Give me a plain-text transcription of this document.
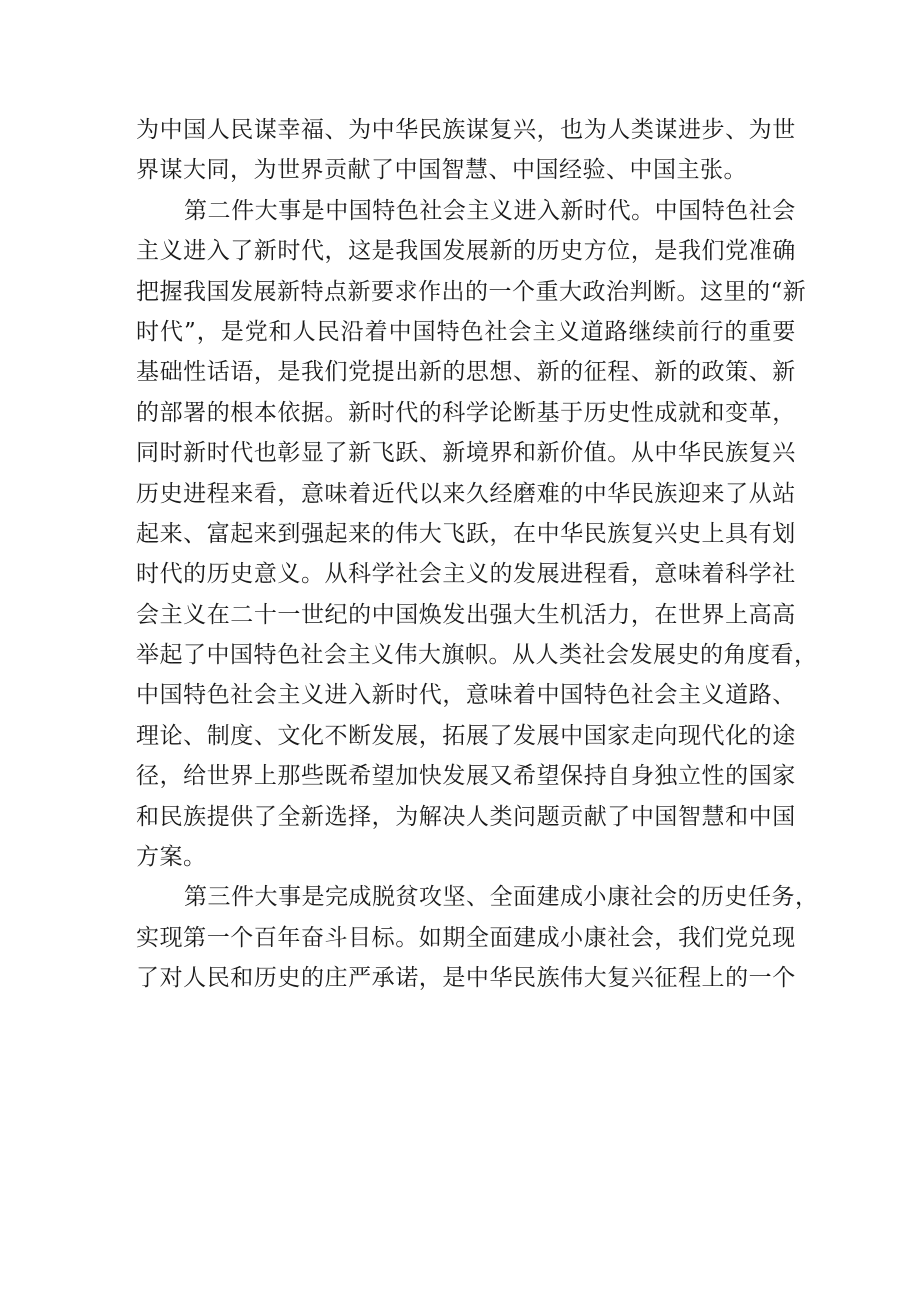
为 中 国 人 民 谋 幸 福 、 为 中 华 民 族 谋 复 兴 ， 也 为 人 类 谋 进 步 、 为 世
界谋大同，为世界贡献了中国智慧、中国经验、中国主张。
第 二 件 大 事 是 中 国 特 色 社 会 主 义 进 入 新 时 代 。 中 国 特 色 社 会
主 义 进 入 了 新 时 代 ， 这 是 我 国 发 展 新 的 历 史 方 位 ， 是 我 们 党 准 确
把 握 我 国 发 展 新 特 点 新 要 求 作 出 的 一 个 重 大 政 治 判 断 。 这 里 的 “ 新
时 代 ” ， 是 党 和 人 民 沿 着 中 国 特 色 社 会 主 义 道 路 继 续 前 行 的 重 要
基 础 性 话 语 ， 是 我 们 党 提 出 新 的 思 想 、 新 的 征 程 、 新 的 政 策 、 新
的 部 署 的 根 本 依 据 。 新 时 代 的 科 学 论 断 基 于 历 史 性 成 就 和 变 革 ，
同 时 新 时 代 也 彰 显 了 新 飞 跃 、 新 境 界 和 新 价 值 。 从 中 华 民 族 复 兴
历 史 进 程 来 看 ， 意 味 着 近 代 以 来 久 经 磨 难 的 中 华 民 族 迎 来 了 从 站
起 来 、 富 起 来 到 强 起 来 的 伟 大 飞 跃 ， 在 中 华 民 族 复 兴 史 上 具 有 划
时 代 的 历 史 意 义 。 从 科 学 社 会 主 义 的 发 展 进 程 看 ， 意 味 着 科 学 社
会 主 义 在 二 十 一 世 纪 的 中 国 焕 发 出 强 大 生 机 活 力 ， 在 世 界 上 高 高
举 起 了 中 国 特 色 社 会 主 义 伟 大 旗 帜 。 从 人 类 社 会 发 展 史 的 角 度 看 ，
中 国 特 色 社 会 主 义 进 入 新 时 代 ， 意 味 着 中 国 特 色 社 会 主 义 道 路 、
理 论 、 制 度 、 文 化 不 断 发 展 ， 拓 展 了 发 展 中 国 家 走 向 现 代 化 的 途
径 ， 给 世 界 上 那 些 既 希 望 加 快 发 展 又 希 望 保 持 自 身 独 立 性 的 国 家
和 民 族 提 供 了 全 新 选 择 ， 为 解 决 人 类 问 题 贡 献 了 中 国 智 慧 和 中 国
方案。
第 三 件 大 事 是 完 成 脱 贫 攻 坚 、 全 面 建 成 小 康 社 会 的 历 史 任 务 ，
实 现 第 一 个 百 年 奋 斗 目 标 。 如 期 全 面 建 成 小 康 社 会 ， 我 们 党 兑 现
了 对 人 民 和 历 史 的 庄 严 承 诺 ， 是 中 华 民 族 伟 大 复 兴 征 程 上 的 一 个
